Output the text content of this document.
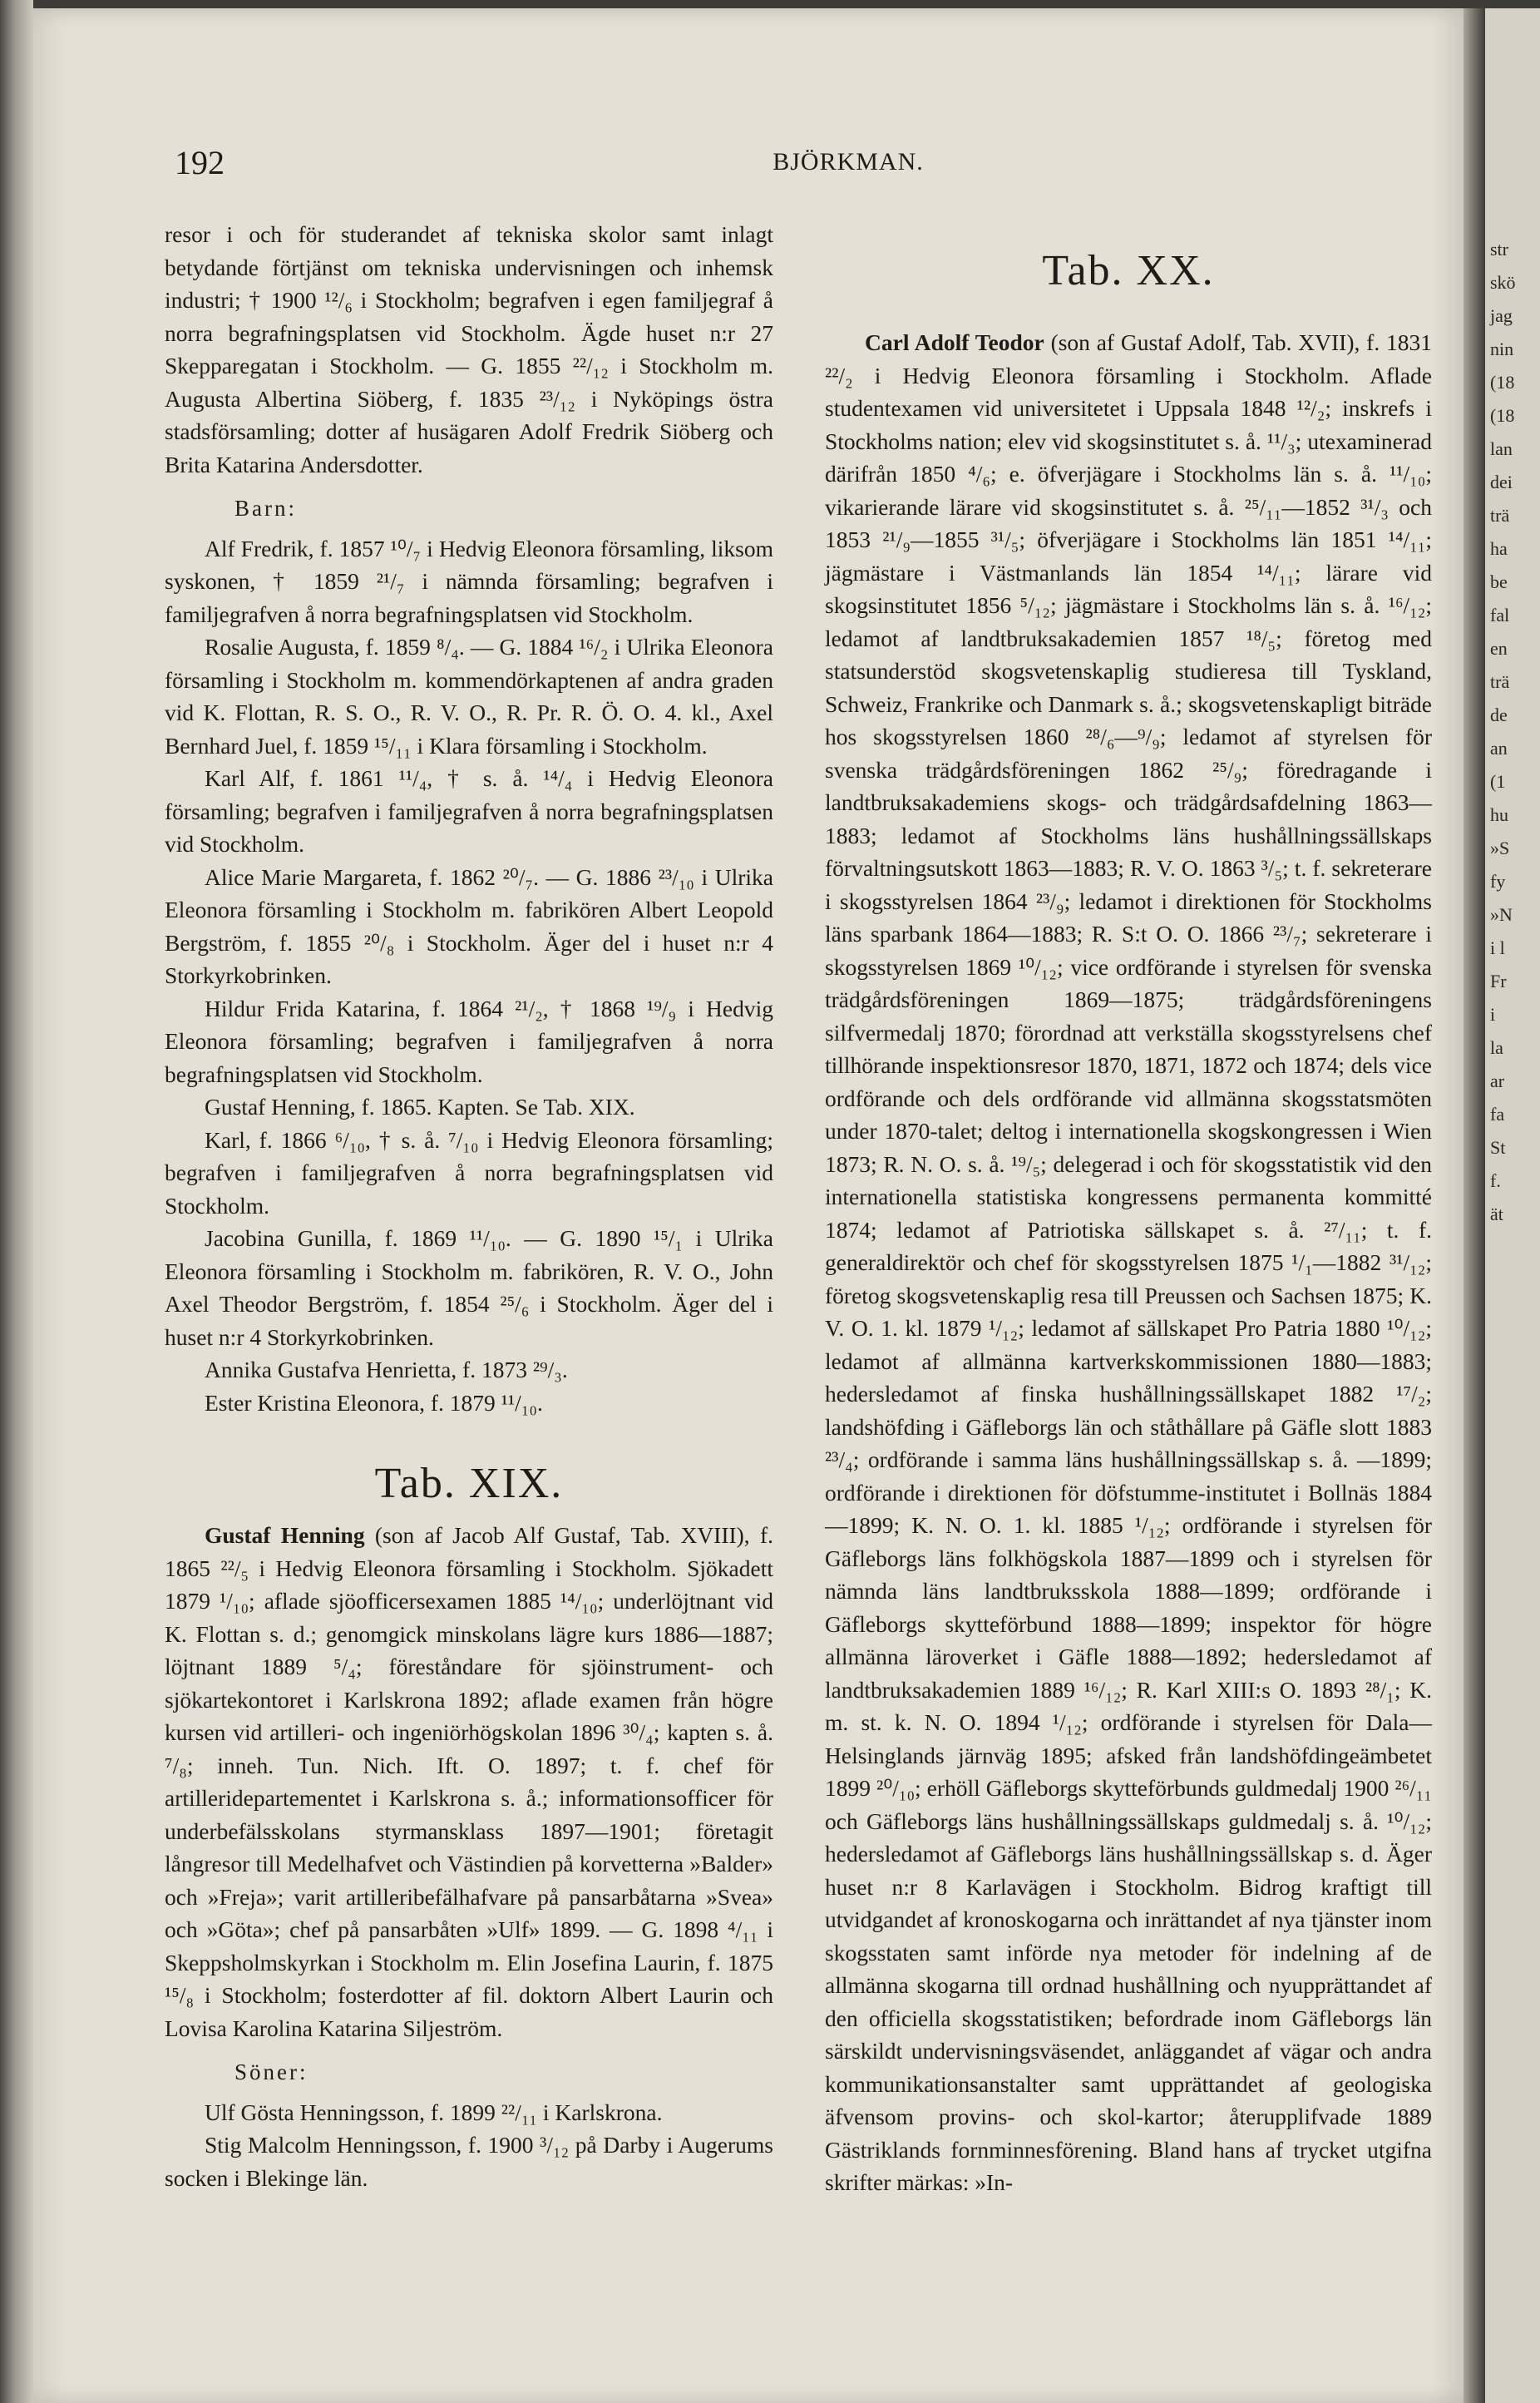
192	BJÖRKMAN.

resor i och för studerandet af tekniska skolor samt inlagt betydande förtjänst om tekniska undervisningen och inhemsk industri; † 1900 ¹²/₆ i Stockholm; begrafven i egen familjegraf å norra begrafningsplatsen vid Stockholm. Ägde huset n:r 27 Skepparegatan i Stockholm. — G. 1855 ²²/₁₂ i Stockholm m. Augusta Albertina Siöberg, f. 1835 ²³/₁₂ i Nyköpings östra stadsförsamling; dotter af husägaren Adolf Fredrik Siöberg och Brita Katarina Andersdotter.

Barn:

Alf Fredrik, f. 1857 ¹⁰/₇ i Hedvig Eleonora församling, liksom syskonen, † 1859 ²¹/₇ i nämnda församling; begrafven i familjegrafven å norra begrafningsplatsen vid Stockholm.

Rosalie Augusta, f. 1859 ⁸/₄. — G. 1884 ¹⁶/₂ i Ulrika Eleonora församling i Stockholm m. kommendörkaptenen af andra graden vid K. Flottan, R. S. O., R. V. O., R. Pr. R. Ö. O. 4. kl., Axel Bernhard Juel, f. 1859 ¹⁵/₁₁ i Klara församling i Stockholm.

Karl Alf, f. 1861 ¹¹/₄, † s. å. ¹⁴/₄ i Hedvig Eleonora församling; begrafven i familjegrafven å norra begrafningsplatsen vid Stockholm.

Alice Marie Margareta, f. 1862 ²⁰/₇. — G. 1886 ²³/₁₀ i Ulrika Eleonora församling i Stockholm m. fabrikören Albert Leopold Bergström, f. 1855 ²⁰/₈ i Stockholm. Äger del i huset n:r 4 Storkyrkobrinken.

Hildur Frida Katarina, f. 1864 ²¹/₂, † 1868 ¹⁹/₉ i Hedvig Eleonora församling; begrafven i familjegrafven å norra begrafningsplatsen vid Stockholm.

Gustaf Henning, f. 1865. Kapten. Se Tab. XIX.

Karl, f. 1866 ⁶/₁₀, † s. å. ⁷/₁₀ i Hedvig Eleonora församling; begrafven i familjegrafven å norra begrafningsplatsen vid Stockholm.

Jacobina Gunilla, f. 1869 ¹¹/₁₀. — G. 1890 ¹⁵/₁ i Ulrika Eleonora församling i Stockholm m. fabrikören, R. V. O., John Axel Theodor Bergström, f. 1854 ²⁵/₆ i Stockholm. Äger del i huset n:r 4 Storkyrkobrinken.

Annika Gustafva Henrietta, f. 1873 ²⁹/₃.

Ester Kristina Eleonora, f. 1879 ¹¹/₁₀.

Tab. XIX.

Gustaf Henning (son af Jacob Alf Gustaf, Tab. XVIII), f. 1865 ²²/₅ i Hedvig Eleonora församling i Stockholm. Sjökadett 1879 ¹/₁₀; aflade sjöofficersexamen 1885 ¹⁴/₁₀; underlöjtnant vid K. Flottan s. d.; genomgick minskolans lägre kurs 1886—1887; löjtnant 1889 ⁵/₄; föreståndare för sjöinstrument- och sjökartekontoret i Karlskrona 1892; aflade examen från högre kursen vid artilleri- och ingeniörhögskolan 1896 ³⁰/₄; kapten s. å. ⁷/₈; inneh. Tun. Nich. Ift. O. 1897; t. f. chef för artilleridepartementet i Karlskrona s. å.; informationsofficer för underbefälsskolans styrmansklass 1897—1901; företagit långresor till Medelhafvet och Västindien på korvetterna »Balder» och »Freja»; varit artilleribefälhafvare på pansarbåtarna »Svea» och »Göta»; chef på pansarbåten »Ulf» 1899. — G. 1898 ⁴/₁₁ i Skeppsholmskyrkan i Stockholm m. Elin Josefina Laurin, f. 1875 ¹⁵/₈ i Stockholm; fosterdotter af fil. doktorn Albert Laurin och Lovisa Karolina Katarina Siljeström.

Söner:

Ulf Gösta Henningsson, f. 1899 ²²/₁₁ i Karlskrona.

Stig Malcolm Henningsson, f. 1900 ³/₁₂ på Darby i Augerums socken i Blekinge län.

Tab. XX.

Carl Adolf Teodor (son af Gustaf Adolf, Tab. XVII), f. 1831 ²²/₂ i Hedvig Eleonora församling i Stockholm. Aflade studentexamen vid universitetet i Uppsala 1848 ¹²/₂; inskrefs i Stockholms nation; elev vid skogsinstitutet s. å. ¹¹/₃; utexaminerad därifrån 1850 ⁴/₆; e. öfverjägare i Stockholms län s. å. ¹¹/₁₀; vikarierande lärare vid skogsinstitutet s. å. ²⁵/₁₁—1852 ³¹/₃ och 1853 ²¹/₉—1855 ³¹/₅; öfverjägare i Stockholms län 1851 ¹⁴/₁₁; jägmästare i Västmanlands län 1854 ¹⁴/₁₁; lärare vid skogsinstitutet 1856 ⁵/₁₂; jägmästare i Stockholms län s. å. ¹⁶/₁₂; ledamot af landtbruksakademien 1857 ¹⁸/₅; företog med statsunderstöd skogsvetenskaplig studieresa till Tyskland, Schweiz, Frankrike och Danmark s. å.; skogsvetenskapligt biträde hos skogsstyrelsen 1860 ²⁸/₆—⁹/₉; ledamot af styrelsen för svenska trädgårdsföreningen 1862 ²⁵/₉; föredragande i landtbruksakademiens skogs- och trädgårdsafdelning 1863—1883; ledamot af Stockholms läns hushållningssällskaps förvaltningsutskott 1863—1883; R. V. O. 1863 ³/₅; t. f. sekreterare i skogsstyrelsen 1864 ²³/₉; ledamot i direktionen för Stockholms läns sparbank 1864—1883; R. S:t O. O. 1866 ²³/₇; sekreterare i skogsstyrelsen 1869 ¹⁰/₁₂; vice ordförande i styrelsen för svenska trädgårdsföreningen 1869—1875; trädgårdsföreningens silfvermedalj 1870; förordnad att verkställa skogsstyrelsens chef tillhörande inspektionsresor 1870, 1871, 1872 och 1874; dels vice ordförande och dels ordförande vid allmänna skogsstatsmöten under 1870-talet; deltog i internationella skogskongressen i Wien 1873; R. N. O. s. å. ¹⁹/₅; delegerad i och för skogsstatistik vid den internationella statistiska kongressens permanenta kommitté 1874; ledamot af Patriotiska sällskapet s. å. ²⁷/₁₁; t. f. generaldirektör och chef för skogsstyrelsen 1875 ¹/₁—1882 ³¹/₁₂; företog skogsvetenskaplig resa till Preussen och Sachsen 1875; K. V. O. 1. kl. 1879 ¹/₁₂; ledamot af sällskapet Pro Patria 1880 ¹⁰/₁₂; ledamot af allmänna kartverkskommissionen 1880—1883; hedersledamot af finska hushållningssällskapet 1882 ¹⁷/₂; landshöfding i Gäfleborgs län och ståthållare på Gäfle slott 1883 ²³/₄; ordförande i samma läns hushållningssällskap s. å. —1899; ordförande i direktionen för döfstumme-institutet i Bollnäs 1884—1899; K. N. O. 1. kl. 1885 ¹/₁₂; ordförande i styrelsen för Gäfleborgs läns folkhögskola 1887—1899 och i styrelsen för nämnda läns landtbruksskola 1888—1899; ordförande i Gäfleborgs skytteförbund 1888—1899; inspektor för högre allmänna läroverket i Gäfle 1888—1892; hedersledamot af landtbruksakademien 1889 ¹⁶/₁₂; R. Karl XIII:s O. 1893 ²⁸/₁; K. m. st. k. N. O. 1894 ¹/₁₂; ordförande i styrelsen för Dala—Helsinglands järnväg 1895; afsked från landshöfdingeämbetet 1899 ²⁰/₁₀; erhöll Gäfleborgs skytteförbunds guldmedalj 1900 ²⁶/₁₁ och Gäfleborgs läns hushållningssällskaps guldmedalj s. å. ¹⁰/₁₂; hedersledamot af Gäfleborgs läns hushållningssällskap s. d. Äger huset n:r 8 Karlavägen i Stockholm. Bidrog kraftigt till utvidgandet af kronoskogarna och inrättandet af nya tjänster inom skogsstaten samt införde nya metoder för indelning af de allmänna skogarna till ordnad hushållning och nyupprättandet af den officiella skogsstatistiken; befordrade inom Gäfleborgs län särskildt undervisningsväsendet, anläggandet af vägar och andra kommunikationsanstalter samt upprättandet af geologiska äfvensom provins- och skol-kartor; återupplifvade 1889 Gästriklands fornminnesförening. Bland hans af trycket utgifna skrifter märkas: »In-

str
skö
jag
nin
(18
(18
lan
dei
trä
ha
be
fal
en
trä
de
an
(1
hu
»S
fy
»N
i l
Fr
i
la
ar
fa
St
f.
ät
